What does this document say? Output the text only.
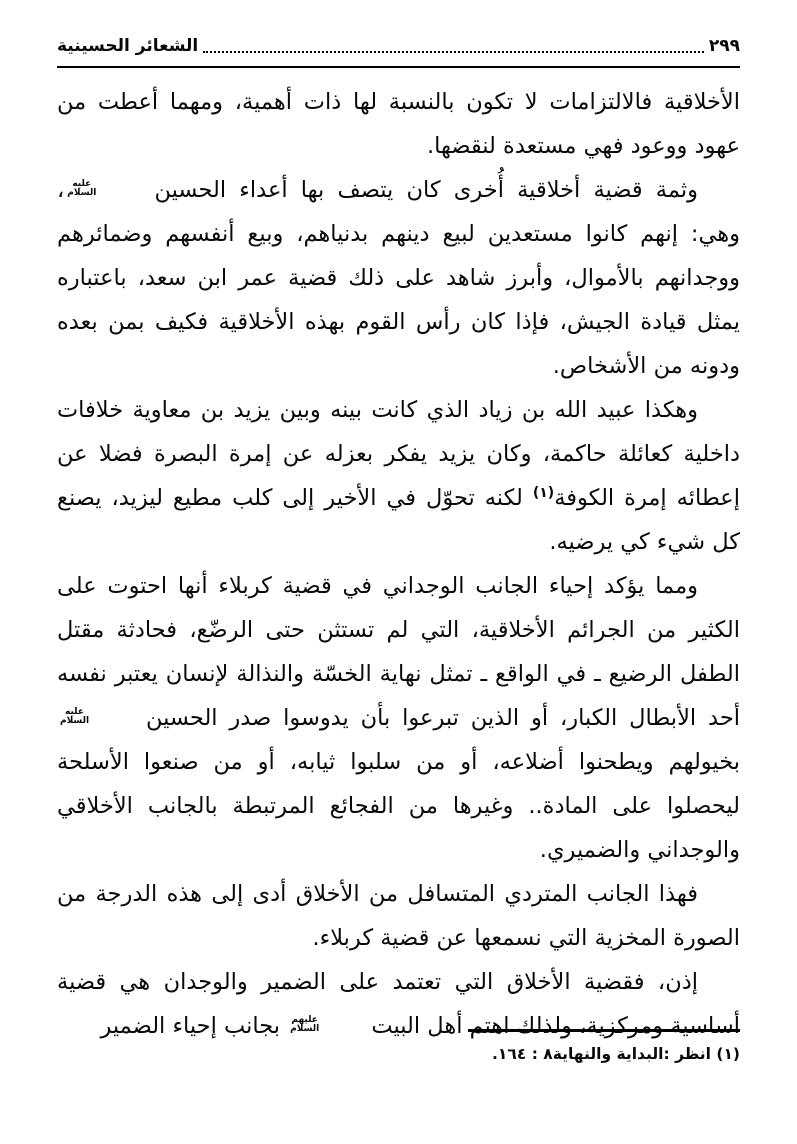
٢٩٩
الشعائر الحسينية

الأخلاقية فالالتزامات لا تكون بالنسبة لها ذات أهمية، ومهما أعطت من عهود ووعود فهي مستعدة لنقضها.

وثمة قضية أخلاقية أُخرى كان يتصف بها أعداء الحسين
عليه
السلام
، وهي: إنهم كانوا مستعدين لبيع دينهم بدنياهم، وبيع أنفسهم وضمائرهم ووجدانهم بالأموال، وأبرز شاهد على ذلك قضية عمر ابن سعد، باعتباره يمثل قيادة الجيش، فإذا كان رأس القوم بهذه الأخلاقية فكيف بمن بعده ودونه من الأشخاص.

وهكذا عبيد الله بن زياد الذي كانت بينه وبين يزيد بن معاوية خلافات داخلية كعائلة حاكمة، وكان يزيد يفكر بعزله عن إمرة البصرة فضلا عن إعطائه إمرة الكوفة$^{(١)}$ لكنه تحوّل في الأخير إلى كلب مطيع ليزيد، يصنع كل شيء كي يرضيه.

ومما يؤكد إحياء الجانب الوجداني في قضية كربلاء أنها احتوت على الكثير من الجرائم الأخلاقية، التي لم تستثن حتى الرضّع، فحادثة مقتل الطفل الرضيع ـ في الواقع ـ تمثل نهاية الخسّة والنذالة لإنسان يعتبر نفسه أحد الأبطال الكبار، أو الذين تبرعوا بأن يدوسوا صدر الحسين
عليه
السلام
بخيولهم ويطحنوا أضلاعه، أو من سلبوا ثيابه، أو من صنعوا الأسلحة ليحصلوا على المادة.. وغيرها من الفجائع المرتبطة بالجانب الأخلاقي والوجداني والضميري.

فهذا الجانب المتردي المتسافل من الأخلاق أدى إلى هذه الدرجة من الصورة المخزية التي نسمعها عن قضية كربلاء.

إذن، فقضية الأخلاق التي تعتمد على الضمير والوجدان هي قضية أساسية ومركزية، ولذلك اهتم أهل البيت
عليهم
السلام
بجانب إحياء الضمير

(١) انظر :البداية والنهاية٨ : ١٦٤.
